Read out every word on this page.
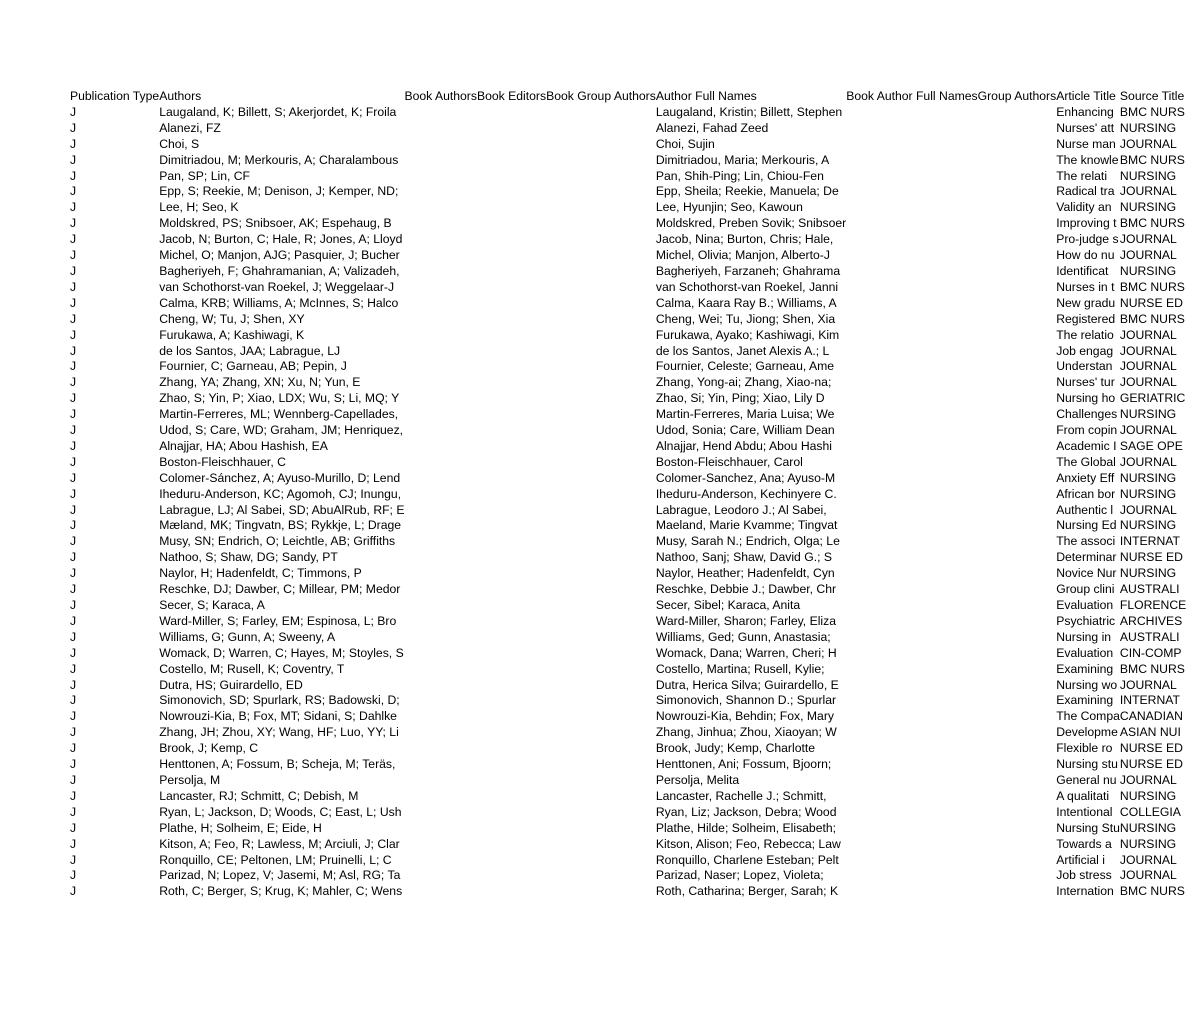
Publication Type	Authors	Book Authors	Book Editors	Book Group Authors	Author Full Names	Book Author Full Names	Group Authors	Article Title	Source Title
J	Laugaland, K; Billett, S; Akerjordet, K; Froila				Laugaland, Kristin; Billett, Stephen			Enhancing	BMC NURS
J	Alanezi, FZ				Alanezi, Fahad Zeed			Nurses' att	NURSING
J	Choi, S				Choi, Sujin			Nurse man	JOURNAL
J	Dimitriadou, M; Merkouris, A; Charalambous				Dimitriadou, Maria; Merkouris, A			The knowle	BMC NURS
J	Pan, SP; Lin, CF				Pan, Shih-Ping; Lin, Chiou-Fen			The relati	NURSING
J	Epp, S; Reekie, M; Denison, J; Kemper, ND;				Epp, Sheila; Reekie, Manuela; De			Radical tra	JOURNAL
J	Lee, H; Seo, K				Lee, Hyunjin; Seo, Kawoun			Validity an	NURSING
J	Moldskred, PS; Snibsoer, AK; Espehaug, B				Moldskred, Preben Sovik; Snibsoer			Improving t	BMC NURS
J	Jacob, N; Burton, C; Hale, R; Jones, A; Lloyd				Jacob, Nina; Burton, Chris; Hale,			Pro-judge s	JOURNAL
J	Michel, O; Manjon, AJG; Pasquier, J; Bucher				Michel, Olivia; Manjon, Alberto-J			How do nu	JOURNAL
J	Bagheriyeh, F; Ghahramanian, A; Valizadeh,				Bagheriyeh, Farzaneh; Ghahrama			Identificat	NURSING
J	van Schothorst-van Roekel, J; Weggelaar-J				van Schothorst-van Roekel, Janni			Nurses in t	BMC NURS
J	Calma, KRB; Williams, A; McInnes, S; Halco				Calma, Kaara Ray B.; Williams, A			New gradu	NURSE ED
J	Cheng, W; Tu, J; Shen, XY				Cheng, Wei; Tu, Jiong; Shen, Xia			Registered	BMC NURS
J	Furukawa, A; Kashiwagi, K				Furukawa, Ayako; Kashiwagi, Kim			The relatio	JOURNAL
J	de los Santos, JAA; Labrague, LJ				de los Santos, Janet Alexis A.; L			Job engag	JOURNAL
J	Fournier, C; Garneau, AB; Pepin, J				Fournier, Celeste; Garneau, Ame			Understan	JOURNAL
J	Zhang, YA; Zhang, XN; Xu, N; Yun, E				Zhang, Yong-ai; Zhang, Xiao-na;			Nurses' tur	JOURNAL
J	Zhao, S; Yin, P; Xiao, LDX; Wu, S; Li, MQ; Y				Zhao, Si; Yin, Ping; Xiao, Lily D			Nursing ho	GERIATRIC
J	Martin-Ferreres, ML; Wennberg-Capellades,				Martin-Ferreres, Maria Luisa; We			Challenges	NURSING
J	Udod, S; Care, WD; Graham, JM; Henriquez,				Udod, Sonia; Care, William Dean			From copin	JOURNAL
J	Alnajjar, HA; Abou Hashish, EA				Alnajjar, Hend Abdu; Abou Hashi			Academic I	SAGE OPE
J	Boston-Fleischhauer, C				Boston-Fleischhauer, Carol			The Global	JOURNAL
J	Colomer-Sánchez, A; Ayuso-Murillo, D; Lend				Colomer-Sanchez, Ana; Ayuso-M			Anxiety Eff	NURSING
J	Iheduru-Anderson, KC; Agomoh, CJ; Inungu,				Iheduru-Anderson, Kechinyere C.			African bor	NURSING
J	Labrague, LJ; Al Sabei, SD; AbuAlRub, RF; E				Labrague, Leodoro J.; Al Sabei,			Authentic l	JOURNAL
J	Mæland, MK; Tingvatn, BS; Rykkje, L; Drage				Maeland, Marie Kvamme; Tingvat			Nursing Ed	NURSING
J	Musy, SN; Endrich, O; Leichtle, AB; Griffiths				Musy, Sarah N.; Endrich, Olga; Le			The associ	INTERNAT
J	Nathoo, S; Shaw, DG; Sandy, PT				Nathoo, Sanj; Shaw, David G.; S			Determinar	NURSE ED
J	Naylor, H; Hadenfeldt, C; Timmons, P				Naylor, Heather; Hadenfeldt, Cyn			Novice Nur	NURSING
J	Reschke, DJ; Dawber, C; Millear, PM; Medor				Reschke, Debbie J.; Dawber, Chr			Group clini	AUSTRALI
J	Secer, S; Karaca, A				Secer, Sibel; Karaca, Anita			Evaluation	FLORENCE
J	Ward-Miller, S; Farley, EM; Espinosa, L; Bro				Ward-Miller, Sharon; Farley, Eliza			Psychiatric	ARCHIVES
J	Williams, G; Gunn, A; Sweeny, A				Williams, Ged; Gunn, Anastasia;			Nursing in	AUSTRALI
J	Womack, D; Warren, C; Hayes, M; Stoyles, S				Womack, Dana; Warren, Cheri; H			Evaluation	CIN-COMP
J	Costello, M; Rusell, K; Coventry, T				Costello, Martina; Rusell, Kylie;			Examining	BMC NURS
J	Dutra, HS; Guirardello, ED				Dutra, Herica Silva; Guirardello, E			Nursing wo	JOURNAL
J	Simonovich, SD; Spurlark, RS; Badowski, D;				Simonovich, Shannon D.; Spurlar			Examining	INTERNAT
J	Nowrouzi-Kia, B; Fox, MT; Sidani, S; Dahlke				Nowrouzi-Kia, Behdin; Fox, Mary			The Compa	CANADIAN
J	Zhang, JH; Zhou, XY; Wang, HF; Luo, YY; Li				Zhang, Jinhua; Zhou, Xiaoyan; W			Developme	ASIAN NUI
J	Brook, J; Kemp, C				Brook, Judy; Kemp, Charlotte			Flexible ro	NURSE ED
J	Henttonen, A; Fossum, B; Scheja, M; Teräs,				Henttonen, Ani; Fossum, Bjoorn;			Nursing stu	NURSE ED
J	Persolja, M				Persolja, Melita			General nu	JOURNAL
J	Lancaster, RJ; Schmitt, C; Debish, M				Lancaster, Rachelle J.; Schmitt,			A qualitati	NURSING
J	Ryan, L; Jackson, D; Woods, C; East, L; Ush				Ryan, Liz; Jackson, Debra; Wood			Intentional	COLLEGIA
J	Plathe, H; Solheim, E; Eide, H				Plathe, Hilde; Solheim, Elisabeth;			Nursing Stu	NURSING
J	Kitson, A; Feo, R; Lawless, M; Arciuli, J; Clar				Kitson, Alison; Feo, Rebecca; Law			Towards a	NURSING
J	Ronquillo, CE; Peltonen, LM; Pruinelli, L; C				Ronquillo, Charlene Esteban; Pelt			Artificial i	JOURNAL
J	Parizad, N; Lopez, V; Jasemi, M; Asl, RG; Ta				Parizad, Naser; Lopez, Violeta;			Job stress	JOURNAL
J	Roth, C; Berger, S; Krug, K; Mahler, C; Wens				Roth, Catharina; Berger, Sarah; K			Internation	BMC NURS
